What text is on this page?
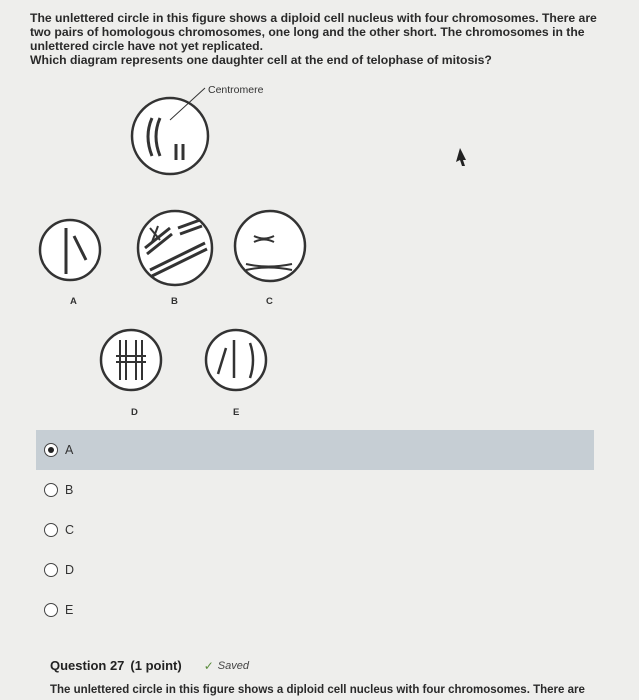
The unlettered circle in this figure shows a diploid cell nucleus with four chromosomes. There are

two pairs of homologous chromosomes, one long and the other short. The chromosomes in the

unlettered circle have not yet replicated.

Which diagram represents one daughter cell at the end of telophase of mitosis?

Centromere
A	B	C
D	E
A
B
C
D
E
Question 27 (1 point) ✓ Saved
The unlettered circle in this figure shows a diploid cell nucleus with four chromosomes. There are
